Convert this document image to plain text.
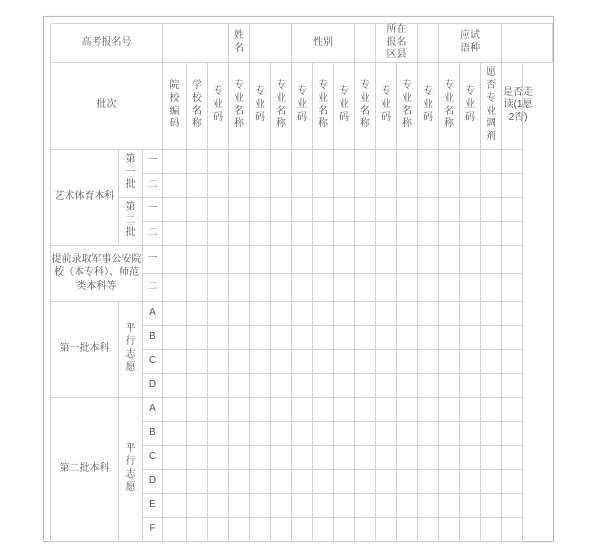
高考报名号						姓名			性别				所在报名区县			应试语种			
批次			院校编码	学校名称	专业码	专业名称	专业码	专业名称	专业码	专业名称	专业码	专业名称	专业码	专业名称	专业码	专业名称	专业码	愿否专业调剂	是否走读(1愿2否)
艺术体育本科	第一批	一																	
		二																	
	第二批	一																	
		二																	
提前录取军事公安院校（本专科）、师范类本科等		一																	
		二																	
第一批本科	平行志愿	A																	
		B																	
		C																	
		D																	
第二批本科	平行志愿	A																	
		B																	
		C																	
		D																	
		E																	
		F																	
